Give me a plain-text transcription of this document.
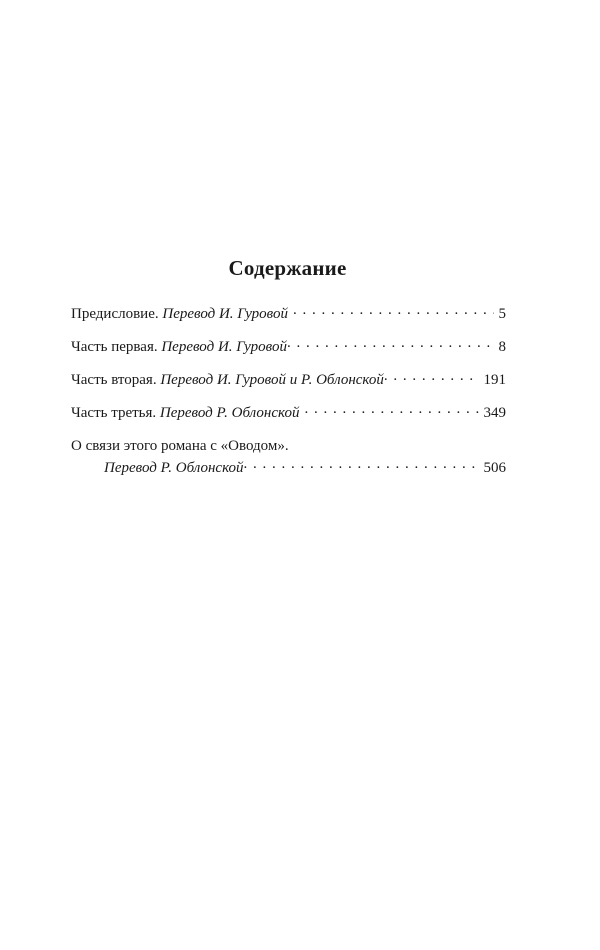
Содержание
Предисловие. Перевод И. Гуровой . . .	5
Часть первая. Перевод И. Гуровой . . .	8
Часть вторая. Перевод И. Гуровой и Р. Облонской . . .	191
Часть третья. Перевод Р. Облонской . . .	349
О связи этого романа с «Оводом».
Перевод Р. Облонской . . .	506
